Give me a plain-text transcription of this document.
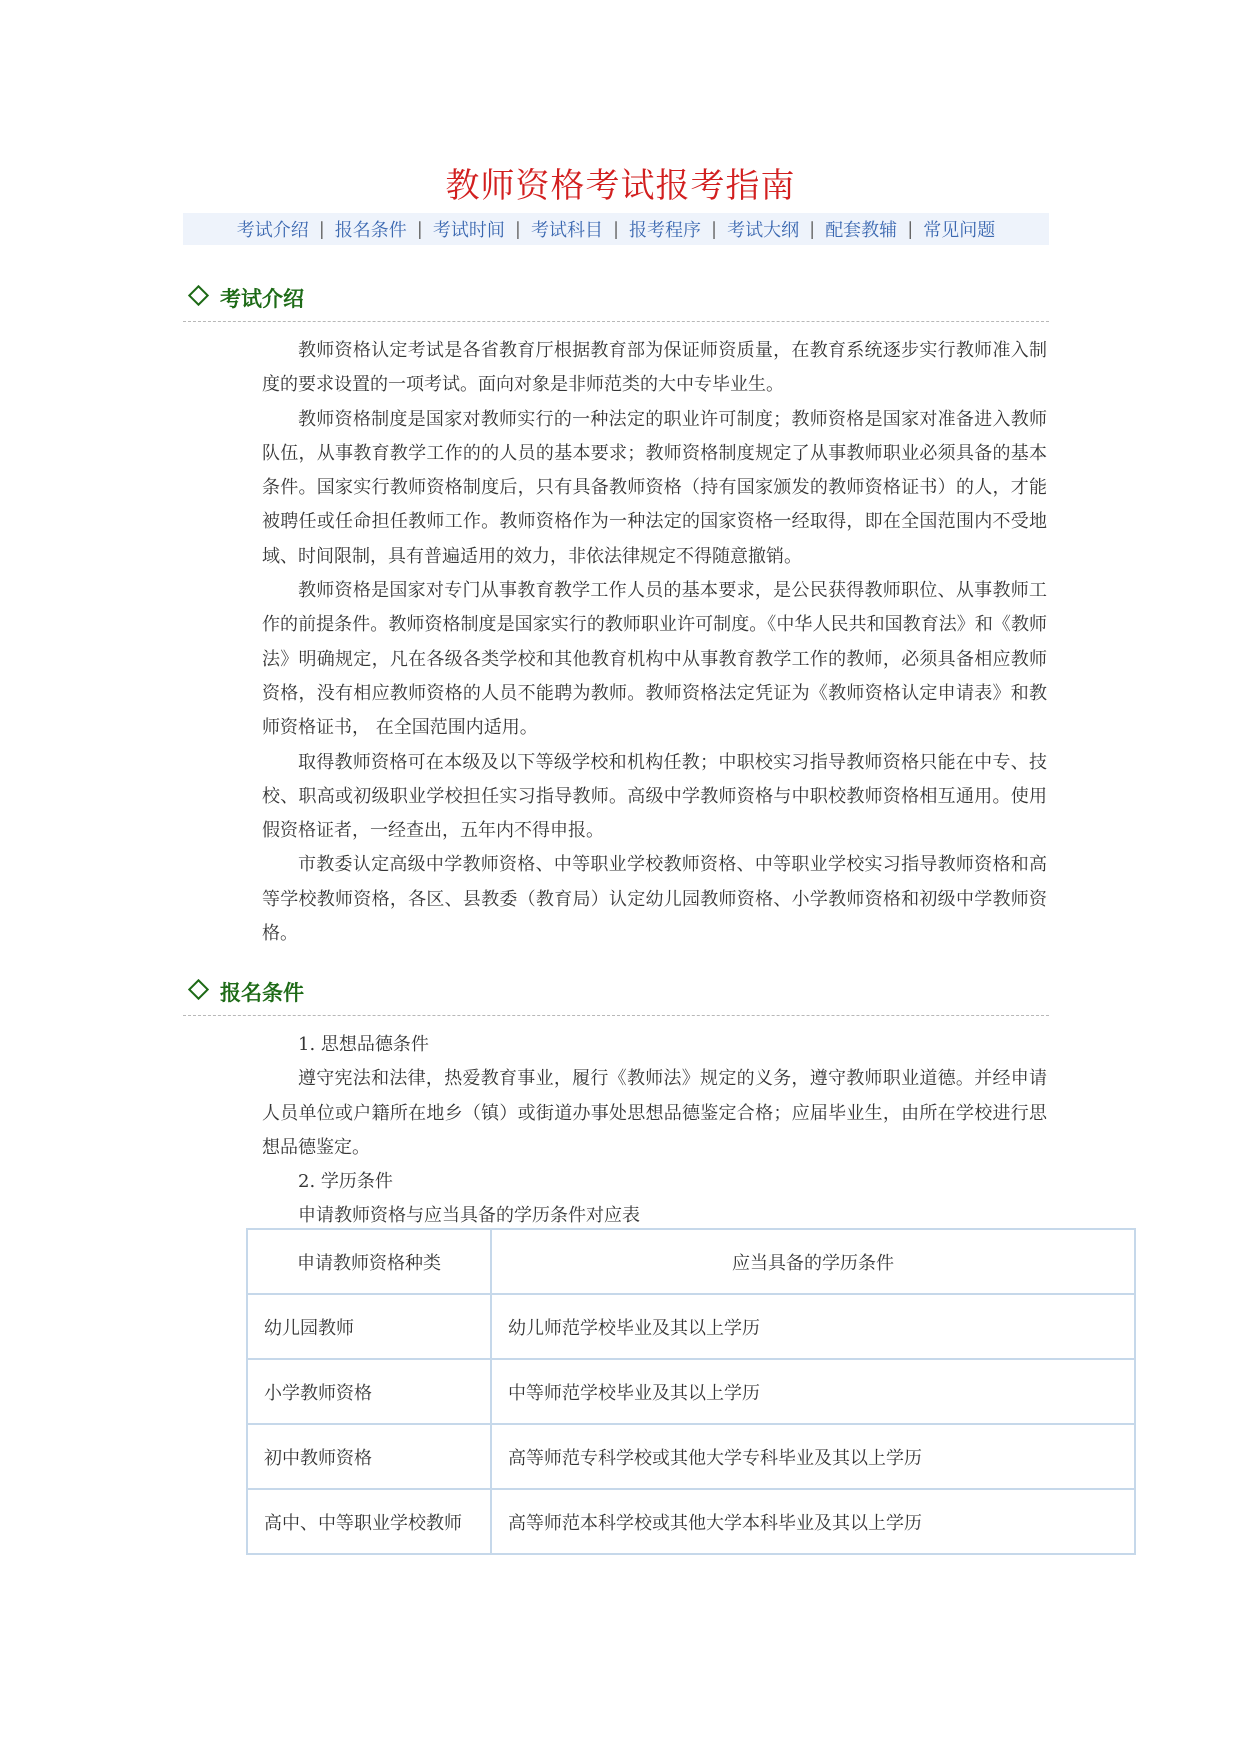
教师资格考试报考指南
考试介绍 | 报名条件 | 考试时间 | 考试科目 | 报考程序 | 考试大纲 | 配套教辅 | 常见问题
考试介绍

教师资格认定考试是各省教育厅根据教育部为保证师资质量，在教育系统逐步实行教师准入制度的要求设置的一项考试。面向对象是非师范类的大中专毕业生。

教师资格制度是国家对教师实行的一种法定的职业许可制度；教师资格是国家对准备进入教师队伍，从事教育教学工作的的人员的基本要求；教师资格制度规定了从事教师职业必须具备的基本条件。国家实行教师资格制度后，只有具备教师资格（持有国家颁发的教师资格证书）的人，才能被聘任或任命担任教师工作。教师资格作为一种法定的国家资格一经取得，即在全国范围内不受地域、时间限制，具有普遍适用的效力，非依法律规定不得随意撤销。

教师资格是国家对专门从事教育教学工作人员的基本要求，是公民获得教师职位、从事教师工作的前提条件。教师资格制度是国家实行的教师职业许可制度。《中华人民共和国教育法》和《教师法》明确规定，凡在各级各类学校和其他教育机构中从事教育教学工作的教师，必须具备相应教师资格，没有相应教师资格的人员不能聘为教师。教师资格法定凭证为《教师资格认定申请表》和教师资格证书， 在全国范围内适用。

取得教师资格可在本级及以下等级学校和机构任教；中职校实习指导教师资格只能在中专、技校、职高或初级职业学校担任实习指导教师。高级中学教师资格与中职校教师资格相互通用。使用假资格证者，一经查出，五年内不得申报。

市教委认定高级中学教师资格、中等职业学校教师资格、中等职业学校实习指导教师资格和高等学校教师资格，各区、县教委（教育局）认定幼儿园教师资格、小学教师资格和初级中学教师资格。

报名条件

1. 思想品德条件

遵守宪法和法律，热爱教育事业，履行《教师法》规定的义务，遵守教师职业道德。并经申请人员单位或户籍所在地乡（镇）或街道办事处思想品德鉴定合格；应届毕业生，由所在学校进行思想品德鉴定。

2. 学历条件

申请教师资格与应当具备的学历条件对应表

申请教师资格种类	应当具备的学历条件
幼儿园教师	幼儿师范学校毕业及其以上学历
小学教师资格	中等师范学校毕业及其以上学历
初中教师资格	高等师范专科学校或其他大学专科毕业及其以上学历
高中、中等职业学校教师	高等师范本科学校或其他大学本科毕业及其以上学历
